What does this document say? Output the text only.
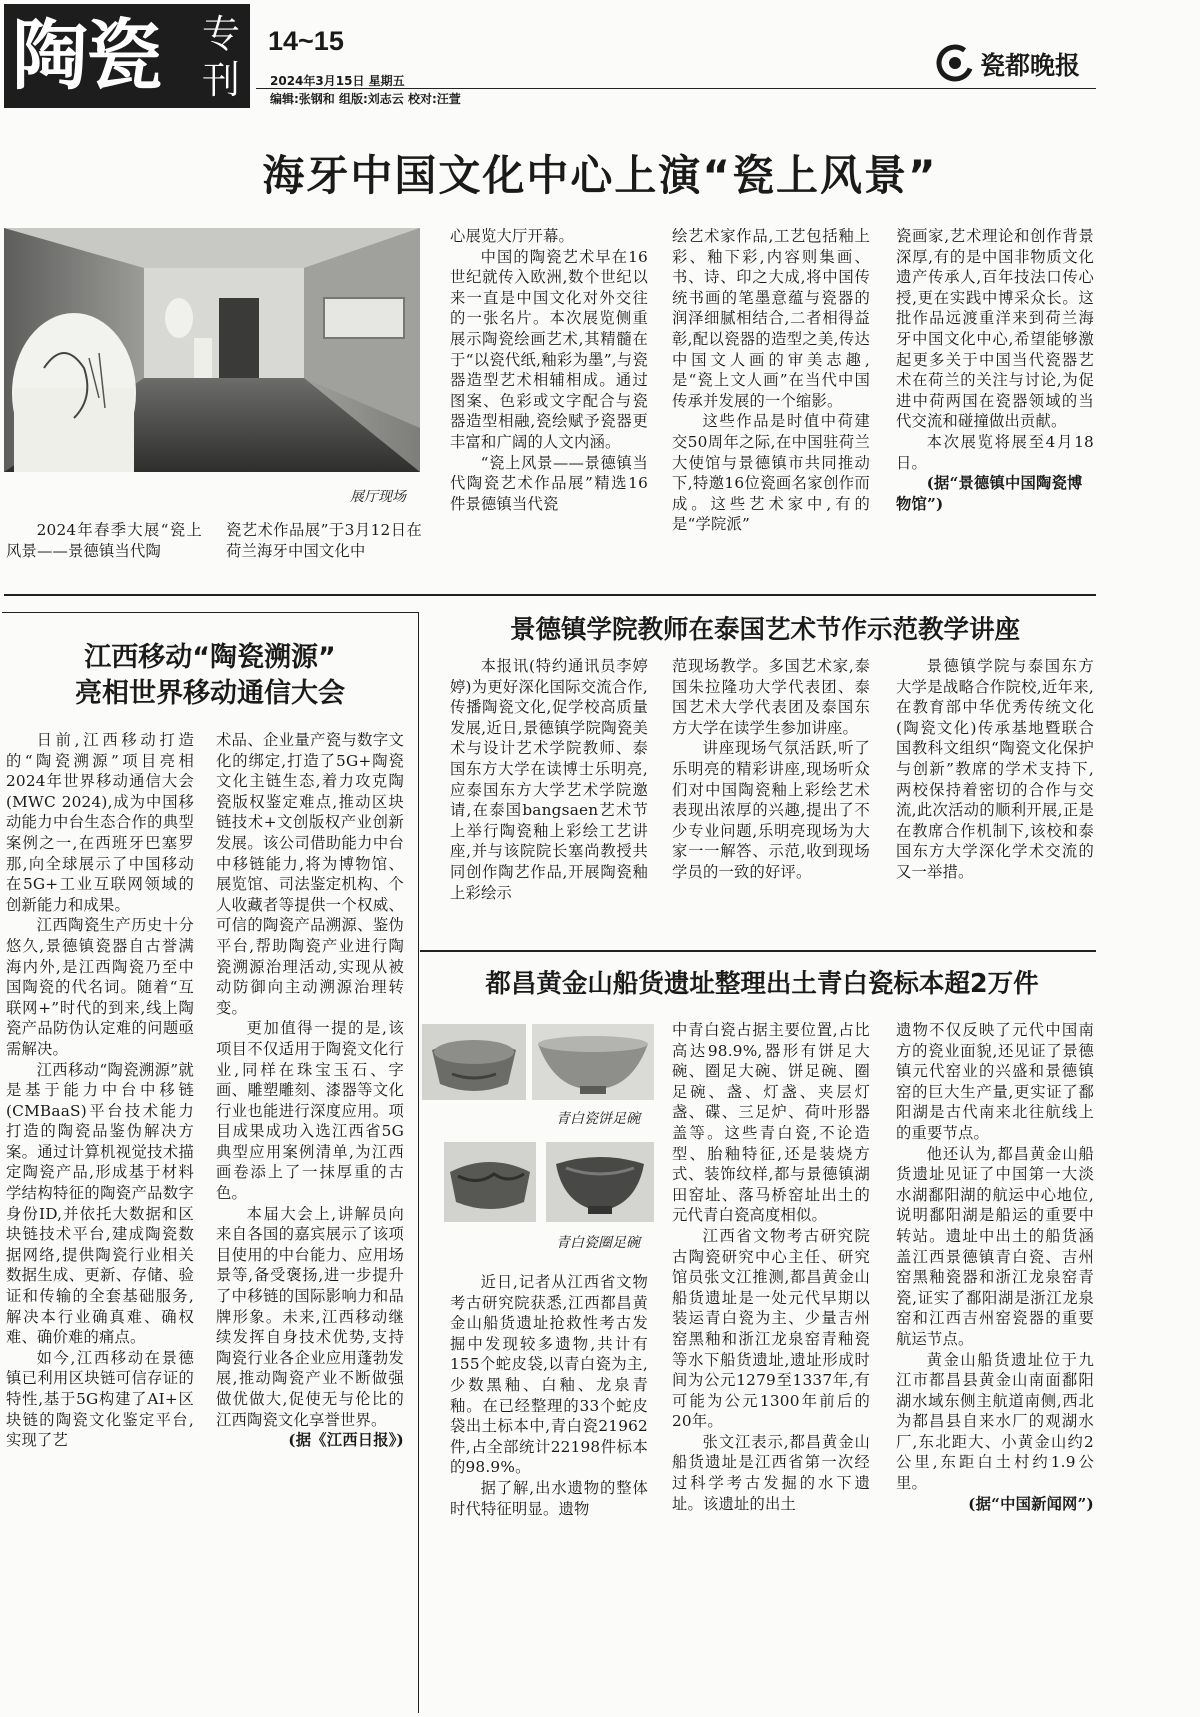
陶瓷 专
刊
14~15
2024年3月15日 星期五
编辑:张钢和 组版:刘志云 校对:汪萱
瓷都晚报
海牙中国文化中心上演“瓷上风景”
展厅现场

2024年春季大展“瓷上风景——景德镇当代陶

瓷艺术作品展”于3月12日在荷兰海牙中国文化中

心展览大厅开幕。

中国的陶瓷艺术早在16世纪就传入欧洲,数个世纪以来一直是中国文化对外交往的一张名片。本次展览侧重展示陶瓷绘画艺术,其精髓在于“以瓷代纸,釉彩为墨”,与瓷器造型艺术相辅相成。通过图案、色彩或文字配合与瓷器造型相融,瓷绘赋予瓷器更丰富和广阔的人文内涵。

“瓷上风景——景德镇当代陶瓷艺术作品展”精选16件景德镇当代瓷

绘艺术家作品,工艺包括釉上彩、釉下彩,内容则集画、书、诗、印之大成,将中国传统书画的笔墨意蕴与瓷器的润泽细腻相结合,二者相得益彰,配以瓷器的造型之美,传达中国文人画的审美志趣,是“瓷上文人画”在当代中国传承并发展的一个缩影。

这些作品是时值中荷建交50周年之际,在中国驻荷兰大使馆与景德镇市共同推动下,特邀16位瓷画名家创作而成。这些艺术家中,有的是“学院派”

瓷画家,艺术理论和创作背景深厚,有的是中国非物质文化遗产传承人,百年技法口传心授,更在实践中博采众长。这批作品远渡重洋来到荷兰海牙中国文化中心,希望能够激起更多关于中国当代瓷器艺术在荷兰的关注与讨论,为促进中荷两国在瓷器领域的当代交流和碰撞做出贡献。

本次展览将展至4月18日。

(据“景德镇中国陶瓷博物馆”)

江西移动“陶瓷溯源”
亮相世界移动通信大会

日前,江西移动打造的“陶瓷溯源”项目亮相2024年世界移动通信大会(MWC 2024),成为中国移动能力中台生态合作的典型案例之一,在西班牙巴塞罗那,向全球展示了中国移动在5G+工业互联网领域的创新能力和成果。

江西陶瓷生产历史十分悠久,景德镇瓷器自古誉满海内外,是江西陶瓷乃至中国陶瓷的代名词。随着“互联网+”时代的到来,线上陶瓷产品防伪认定难的问题亟需解决。

江西移动“陶瓷溯源”就是基于能力中台中移链(CMBaaS)平台技术能力打造的陶瓷品鉴伪解决方案。通过计算机视觉技术描定陶瓷产品,形成基于材料学结构特征的陶瓷产品数字身份ID,并依托大数据和区块链技术平台,建成陶瓷数据网络,提供陶瓷行业相关数据生成、更新、存储、验证和传输的全套基础服务,解决本行业确真难、确权难、确价难的痛点。

如今,江西移动在景德镇已利用区块链可信存证的特性,基于5G构建了AI+区块链的陶瓷文化鉴定平台,实现了艺

术品、企业量产瓷与数字文化的绑定,打造了5G+陶瓷文化主链生态,着力攻克陶瓷版权鉴定难点,推动区块链技术+文创版权产业创新发展。该公司借助能力中台中移链能力,将为博物馆、展览馆、司法鉴定机构、个人收藏者等提供一个权威、可信的陶瓷产品溯源、鉴伪平台,帮助陶瓷产业进行陶瓷溯源治理活动,实现从被动防御向主动溯源治理转变。

更加值得一提的是,该项目不仅适用于陶瓷文化行业,同样在珠宝玉石、字画、雕塑雕刻、漆器等文化行业也能进行深度应用。项目成果成功入选江西省5G典型应用案例清单,为江西画卷添上了一抹厚重的古色。

本届大会上,讲解员向来自各国的嘉宾展示了该项目使用的中台能力、应用场景等,备受褒扬,进一步提升了中移链的国际影响力和品牌形象。未来,江西移动继续发挥自身技术优势,支持陶瓷行业各企业应用蓬勃发展,推动陶瓷产业不断做强做优做大,促使无与伦比的江西陶瓷文化享誉世界。

(据《江西日报》)

景德镇学院教师在泰国艺术节作示范教学讲座

本报讯(特约通讯员李婷婷)为更好深化国际交流合作,传播陶瓷文化,促学校高质量发展,近日,景德镇学院陶瓷美术与设计艺术学院教师、泰国东方大学在读博士乐明亮,应泰国东方大学艺术学院邀请,在泰国bangsaen艺术节上举行陶瓷釉上彩绘工艺讲座,并与该院院长塞尚教授共同创作陶艺作品,开展陶瓷釉上彩绘示

范现场教学。多国艺术家,泰国朱拉隆功大学代表团、泰国艺术大学代表团及泰国东方大学在读学生参加讲座。

讲座现场气氛活跃,听了乐明亮的精彩讲座,现场听众们对中国陶瓷釉上彩绘艺术表现出浓厚的兴趣,提出了不少专业问题,乐明亮现场为大家一一解答、示范,收到现场学员的一致的好评。

景德镇学院与泰国东方大学是战略合作院校,近年来,在教育部中华优秀传统文化(陶瓷文化)传承基地暨联合国教科文组织“陶瓷文化保护与创新”教席的学术支持下,两校保持着密切的合作与交流,此次活动的顺利开展,正是在教席合作机制下,该校和泰国东方大学深化学术交流的又一举措。

都昌黄金山船货遗址整理出土青白瓷标本超2万件
青白瓷饼足碗
青白瓷圈足碗

近日,记者从江西省文物考古研究院获悉,江西都昌黄金山船货遗址抢救性考古发掘中发现较多遗物,共计有155个蛇皮袋,以青白瓷为主,少数黑釉、白釉、龙泉青釉。在已经整理的33个蛇皮袋出土标本中,青白瓷21962件,占全部统计22198件标本的98.9%。

据了解,出水遗物的整体时代特征明显。遗物

中青白瓷占据主要位置,占比高达98.9%,器形有饼足大碗、圈足大碗、饼足碗、圈足碗、盏、灯盏、夹层灯盏、碟、三足炉、荷叶形器盖等。这些青白瓷,不论造型、胎釉特征,还是装烧方式、装饰纹样,都与景德镇湖田窑址、落马桥窑址出土的元代青白瓷高度相似。

江西省文物考古研究院古陶瓷研究中心主任、研究馆员张文江推测,都昌黄金山船货遗址是一处元代早期以装运青白瓷为主、少量吉州窑黑釉和浙江龙泉窑青釉瓷等水下船货遗址,遗址形成时间为公元1279至1337年,有可能为公元1300年前后的20年。

张文江表示,都昌黄金山船货遗址是江西省第一次经过科学考古发掘的水下遗址。该遗址的出土

遗物不仅反映了元代中国南方的瓷业面貌,还见证了景德镇元代窑业的兴盛和景德镇窑的巨大生产量,更实证了鄱阳湖是古代南来北往航线上的重要节点。

他还认为,都昌黄金山船货遗址见证了中国第一大淡水湖鄱阳湖的航运中心地位,说明鄱阳湖是船运的重要中转站。遗址中出土的船货涵盖江西景德镇青白瓷、吉州窑黑釉瓷器和浙江龙泉窑青瓷,证实了鄱阳湖是浙江龙泉窑和江西吉州窑瓷器的重要航运节点。

黄金山船货遗址位于九江市都昌县黄金山南面鄱阳湖水域东侧主航道南侧,西北为都昌县自来水厂的观湖水厂,东北距大、小黄金山约2公里,东距白土村约1.9公里。

(据“中国新闻网”)
